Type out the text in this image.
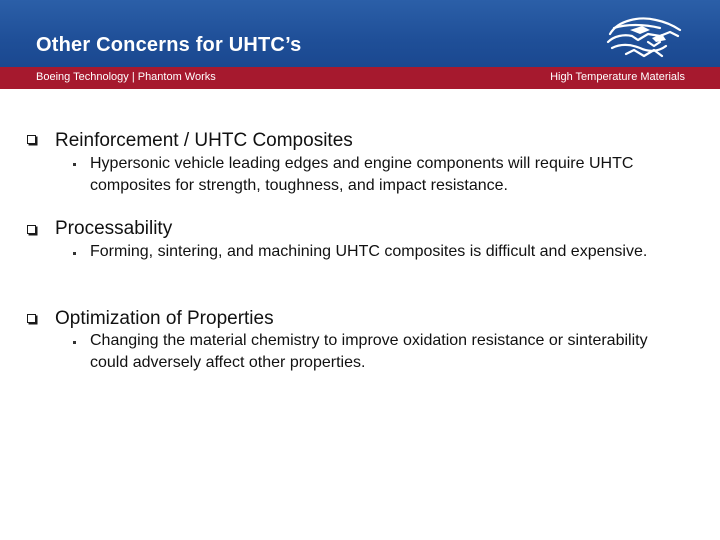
Other Concerns for UHTC’s
Boeing Technology | Phantom Works	High Temperature Materials
Reinforcement / UHTC Composites
Hypersonic vehicle leading edges and engine components will require UHTC composites for strength, toughness, and impact resistance.
Processability
Forming, sintering, and machining UHTC composites is difficult and expensive.
Optimization of Properties
Changing the material chemistry to improve oxidation resistance or sinterability could adversely affect other properties.
